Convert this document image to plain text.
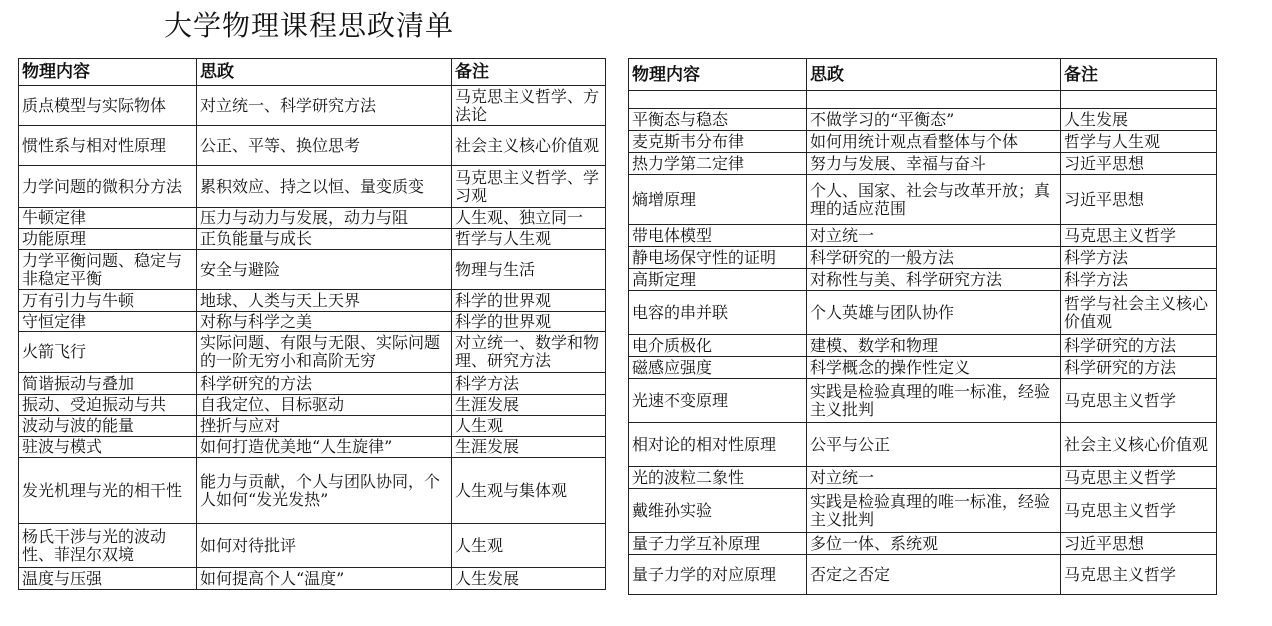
大学物理课程思政清单
物理内容	思政	备注
质点模型与实际物体	对立统一、科学研究方法	马克思主义哲学、方法论
惯性系与相对性原理	公正、平等、换位思考	社会主义核心价值观
力学问题的微积分方法	累积效应、持之以恒、量变质变	马克思主义哲学、学习观
牛顿定律	压力与动力与发展，动力与阻	人生观、独立同一
功能原理	正负能量与成长	哲学与人生观
力学平衡问题、稳定与非稳定平衡	安全与避险	物理与生活
万有引力与牛顿	地球、人类与天上天界	科学的世界观
守恒定律	对称与科学之美	科学的世界观
火箭飞行	实际问题、有限与无限、实际问题的一阶无穷小和高阶无穷	对立统一、数学和物理、研究方法
简谐振动与叠加	科学研究的方法	科学方法
振动、受迫振动与共	自我定位、目标驱动	生涯发展
波动与波的能量	挫折与应对	人生观
驻波与模式	如何打造优美地“人生旋律”	生涯发展
发光机理与光的相干性	能力与贡献，个人与团队协同，个人如何“发光发热”	人生观与集体观
杨氏干涉与光的波动性、菲涅尔双境	如何对待批评	人生观
温度与压强	如何提高个人“温度”	人生发展
物理内容	思政	备注

平衡态与稳态	不做学习的“平衡态”	人生发展
麦克斯韦分布律	如何用统计观点看整体与个体	哲学与人生观
热力学第二定律	努力与发展、幸福与奋斗	习近平思想
熵增原理	个人、国家、社会与改革开放；真理的适应范围	习近平思想
带电体模型	对立统一	马克思主义哲学
静电场保守性的证明	科学研究的一般方法	科学方法
高斯定理	对称性与美、科学研究方法	科学方法
电容的串并联	个人英雄与团队协作	哲学与社会主义核心价值观
电介质极化	建模、数学和物理	科学研究的方法
磁感应强度	科学概念的操作性定义	科学研究的方法
光速不变原理	实践是检验真理的唯一标准，经验主义批判	马克思主义哲学
相对论的相对性原理	公平与公正	社会主义核心价值观
光的波粒二象性	对立统一	马克思主义哲学
戴维孙实验	实践是检验真理的唯一标准，经验主义批判	马克思主义哲学
量子力学互补原理	多位一体、系统观	习近平思想
量子力学的对应原理	否定之否定	马克思主义哲学
